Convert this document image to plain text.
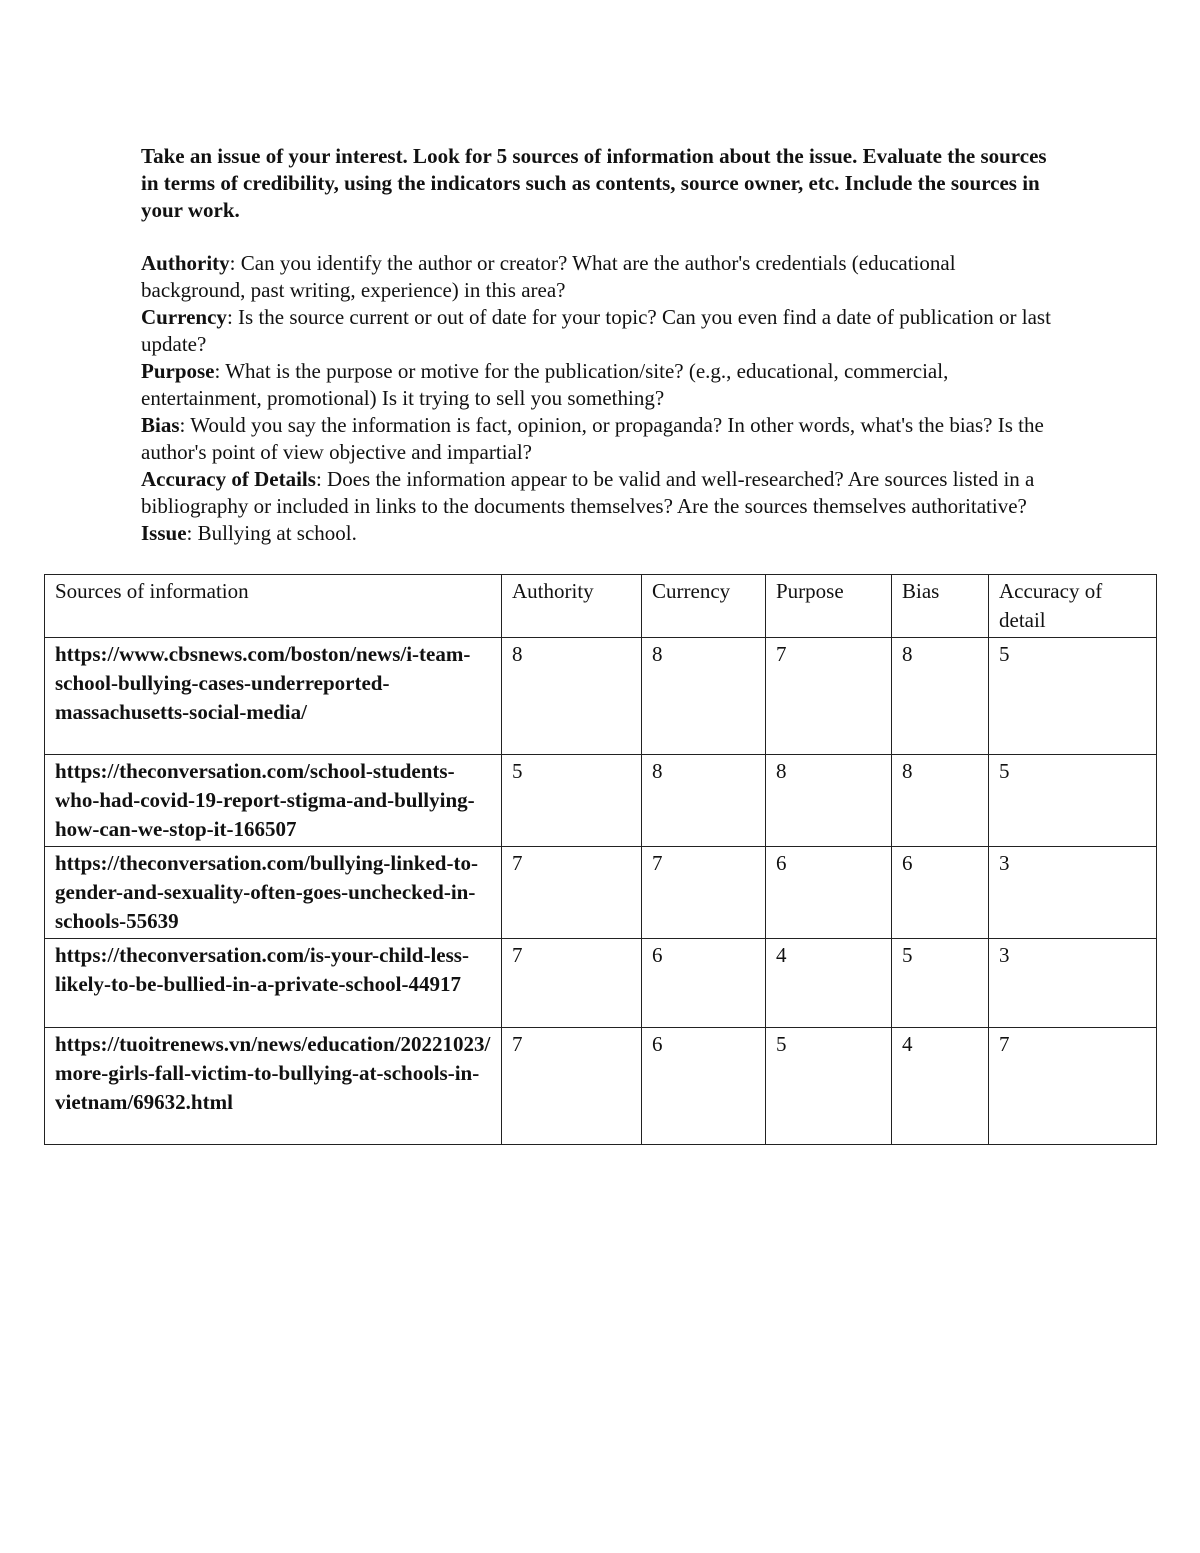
Take an issue of your interest. Look for 5 sources of information about the issue. Evaluate the sources in terms of credibility, using the indicators such as contents, source owner, etc. Include the sources in your work.

Authority: Can you identify the author or creator? What are the author's credentials (educational background, past writing, experience) in this area?

Currency: Is the source current or out of date for your topic? Can you even find a date of publication or last update?

Purpose: What is the purpose or motive for the publication/site? (e.g., educational, commercial, entertainment, promotional) Is it trying to sell you something?

Bias: Would you say the information is fact, opinion, or propaganda? In other words, what's the bias? Is the author's point of view objective and impartial?

Accuracy of Details: Does the information appear to be valid and well-researched? Are sources listed in a bibliography or included in links to the documents themselves? Are the sources themselves authoritative?

Issue: Bullying at school.

Sources of information	Authority	Currency	Purpose	Bias	Accuracy of detail
https://www.cbsnews.com/boston/news/i-team-school-bullying-cases-underreported-massachusetts-social-media/	8	8	7	8	5
https://theconversation.com/school-students-who-had-covid-19-report-stigma-and-bullying-how-can-we-stop-it-166507	5	8	8	8	5
https://theconversation.com/bullying-linked-to-gender-and-sexuality-often-goes-unchecked-in-schools-55639	7	7	6	6	3
https://theconversation.com/is-your-child-less-likely-to-be-bullied-in-a-private-school-44917	7	6	4	5	3
https://tuoitrenews.vn/news/education/20221023/more-girls-fall-victim-to-bullying-at-schools-in-vietnam/69632.html	7	6	5	4	7
